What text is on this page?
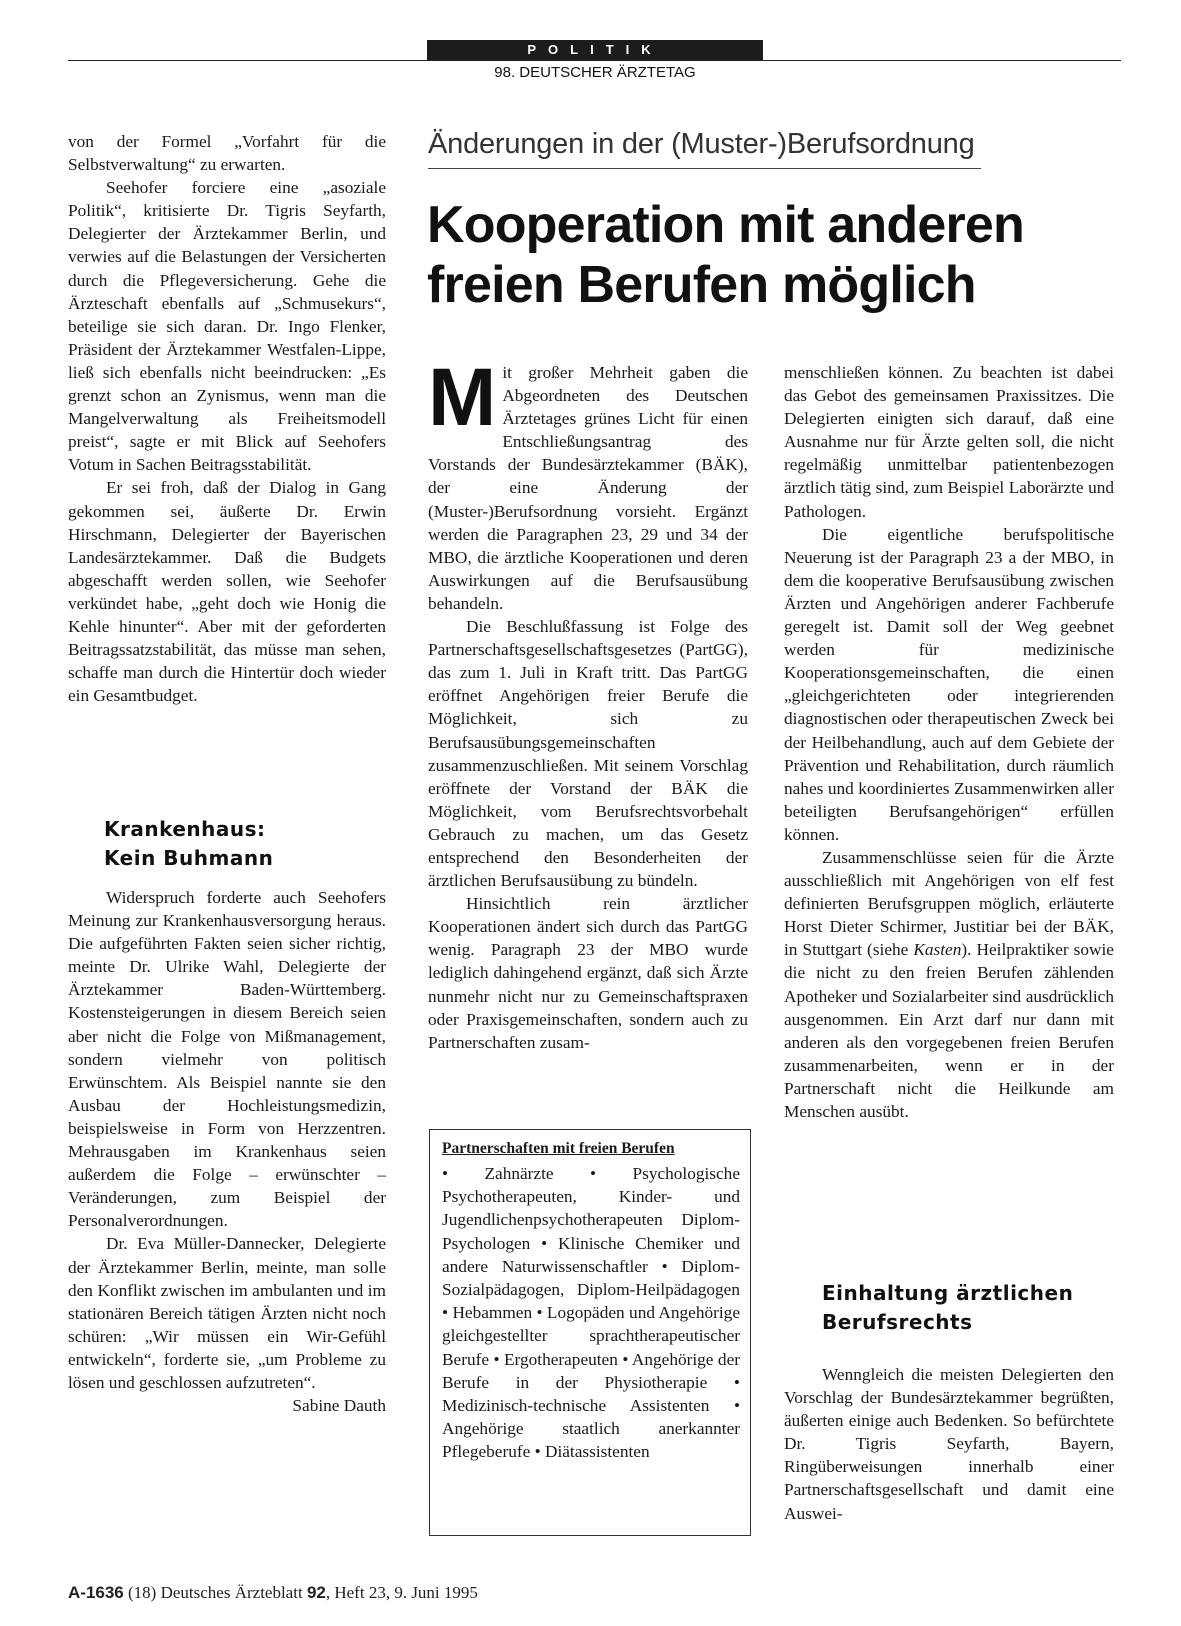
POLITIK
98. DEUTSCHER ÄRZTETAG

von der Formel „Vorfahrt für die Selbstverwaltung“ zu erwarten.

Seehofer forciere eine „asoziale Politik“, kritisierte Dr. Tigris Seyfarth, Delegierter der Ärztekammer Berlin, und verwies auf die Belastungen der Versicherten durch die Pflegeversicherung. Gehe die Ärzteschaft ebenfalls auf „Schmusekurs“, beteilige sie sich daran. Dr. Ingo Flenker, Präsident der Ärztekammer Westfalen-Lippe, ließ sich ebenfalls nicht beeindrucken: „Es grenzt schon an Zynismus, wenn man die Mangelverwaltung als Freiheitsmodell preist“, sagte er mit Blick auf Seehofers Votum in Sachen Beitragsstabilität.

Er sei froh, daß der Dialog in Gang gekommen sei, äußerte Dr. Erwin Hirschmann, Delegierter der Bayerischen Landesärztekammer. Daß die Budgets abgeschafft werden sollen, wie Seehofer verkündet habe, „geht doch wie Honig die Kehle hinunter“. Aber mit der geforderten Beitragssatzstabilität, das müsse man sehen, schaffe man durch die Hintertür doch wieder ein Gesamtbudget.

Krankenhaus:
Kein Buhmann

Widerspruch forderte auch Seehofers Meinung zur Krankenhausversorgung heraus. Die aufgeführten Fakten seien sicher richtig, meinte Dr. Ulrike Wahl, Delegierte der Ärztekammer Baden-Württemberg. Kostensteigerungen in diesem Bereich seien aber nicht die Folge von Mißmanagement, sondern vielmehr von politisch Erwünschtem. Als Beispiel nannte sie den Ausbau der Hochleistungsmedizin, beispielsweise in Form von Herzzentren. Mehrausgaben im Krankenhaus seien außerdem die Folge – erwünschter – Veränderungen, zum Beispiel der Personalverordnungen.

Dr. Eva Müller-Dannecker, Delegierte der Ärztekammer Berlin, meinte, man solle den Konflikt zwischen im ambulanten und im stationären Bereich tätigen Ärzten nicht noch schüren: „Wir müssen ein Wir-Gefühl entwickeln“, forderte sie, „um Probleme zu lösen und geschlossen aufzutreten“.
Sabine Dauth

Änderungen in der (Muster-)Berufsordnung
Kooperation mit anderen
freien Berufen möglich

Mit großer Mehrheit gaben die Abgeordneten des Deutschen Ärztetages grünes Licht für einen Entschließungsantrag des Vorstands der Bundesärztekammer (BÄK), der eine Änderung der (Muster-)Berufsordnung vorsieht. Ergänzt werden die Paragraphen 23, 29 und 34 der MBO, die ärztliche Kooperationen und deren Auswirkungen auf die Berufsausübung behandeln.

Die Beschlußfassung ist Folge des Partnerschaftsgesellschaftsgesetzes (PartGG), das zum 1. Juli in Kraft tritt. Das PartGG eröffnet Angehörigen freier Berufe die Möglichkeit, sich zu Berufsausübungsgemeinschaften zusammenzuschließen. Mit seinem Vorschlag eröffnete der Vorstand der BÄK die Möglichkeit, vom Berufsrechtsvorbehalt Gebrauch zu machen, um das Gesetz entsprechend den Besonderheiten der ärztlichen Berufsausübung zu bündeln.

Hinsichtlich rein ärztlicher Kooperationen ändert sich durch das PartGG wenig. Paragraph 23 der MBO wurde lediglich dahingehend ergänzt, daß sich Ärzte nunmehr nicht nur zu Gemeinschaftspraxen oder Praxisgemeinschaften, sondern auch zu Partnerschaften zusam-

Partnerschaften mit freien Berufen
• Zahnärzte • Psychologische Psychotherapeuten, Kinder- und Jugendlichenpsychotherapeuten Diplom-Psychologen • Klinische Chemiker und andere Naturwissenschaftler • Diplom-Sozialpädagogen, Diplom-Heilpädagogen • Hebammen • Logopäden und Angehörige gleichgestellter sprachtherapeutischer Berufe • Ergotherapeuten • Angehörige der Berufe in der Physiotherapie • Medizinisch-technische Assistenten • Angehörige staatlich anerkannter Pflegeberufe • Diätassistenten

menschließen können. Zu beachten ist dabei das Gebot des gemeinsamen Praxissitzes. Die Delegierten einigten sich darauf, daß eine Ausnahme nur für Ärzte gelten soll, die nicht regelmäßig unmittelbar patientenbezogen ärztlich tätig sind, zum Beispiel Laborärzte und Pathologen.

Die eigentliche berufspolitische Neuerung ist der Paragraph 23 a der MBO, in dem die kooperative Berufsausübung zwischen Ärzten und Angehörigen anderer Fachberufe geregelt ist. Damit soll der Weg geebnet werden für medizinische Kooperationsgemeinschaften, die einen „gleichgerichteten oder integrierenden diagnostischen oder therapeutischen Zweck bei der Heilbehandlung, auch auf dem Gebiete der Prävention und Rehabilitation, durch räumlich nahes und koordiniertes Zusammenwirken aller beteiligten Berufsangehörigen“ erfüllen können.

Zusammenschlüsse seien für die Ärzte ausschließlich mit Angehörigen von elf fest definierten Berufsgruppen möglich, erläuterte Horst Dieter Schirmer, Justitiar bei der BÄK, in Stuttgart (siehe Kasten). Heilpraktiker sowie die nicht zu den freien Berufen zählenden Apotheker und Sozialarbeiter sind ausdrücklich ausgenommen. Ein Arzt darf nur dann mit anderen als den vorgegebenen freien Berufen zusammenarbeiten, wenn er in der Partnerschaft nicht die Heilkunde am Menschen ausübt.

Einhaltung ärztlichen
Berufsrechts

Wenngleich die meisten Delegierten den Vorschlag der Bundesärztekammer begrüßten, äußerten einige auch Bedenken. So befürchtete Dr. Tigris Seyfarth, Bayern, Ringüberweisungen innerhalb einer Partnerschaftsgesellschaft und damit eine Auswei-

A-1636 (18) Deutsches Ärzteblatt 92, Heft 23, 9. Juni 1995
